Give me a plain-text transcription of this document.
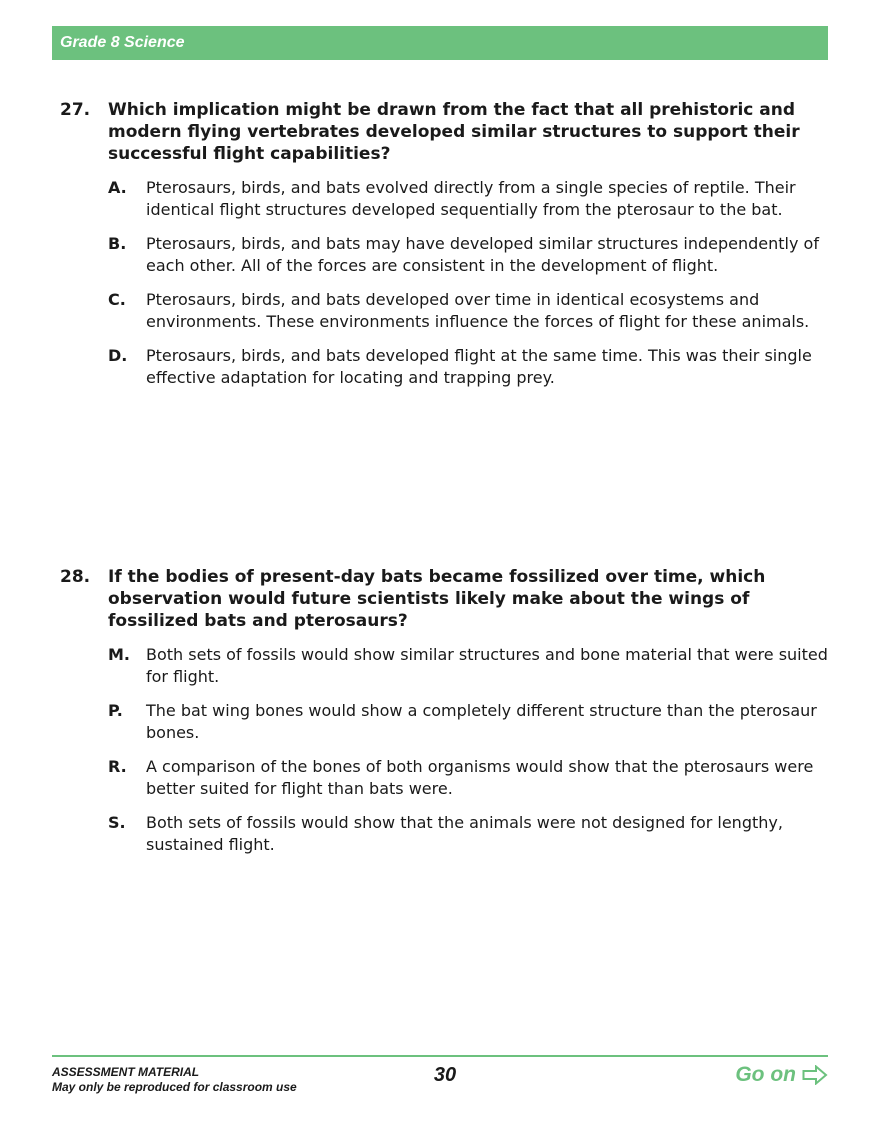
Grade 8 Science
27. Which implication might be drawn from the fact that all prehistoric and modern flying vertebrates developed similar structures to support their successful flight capabilities?
A. Pterosaurs, birds, and bats evolved directly from a single species of reptile. Their identical flight structures developed sequentially from the pterosaur to the bat.
B. Pterosaurs, birds, and bats may have developed similar structures independently of each other. All of the forces are consistent in the development of flight.
C. Pterosaurs, birds, and bats developed over time in identical ecosystems and environments. These environments influence the forces of flight for these animals.
D. Pterosaurs, birds, and bats developed flight at the same time. This was their single effective adaptation for locating and trapping prey.
28. If the bodies of present-day bats became fossilized over time, which observation would future scientists likely make about the wings of fossilized bats and pterosaurs?
M. Both sets of fossils would show similar structures and bone material that were suited for flight.
P. The bat wing bones would show a completely different structure than the pterosaur bones.
R. A comparison of the bones of both organisms would show that the pterosaurs were better suited for flight than bats were.
S. Both sets of fossils would show that the animals were not designed for lengthy, sustained flight.
ASSESSMENT MATERIAL
May only be reproduced for classroom use
30	Go on
